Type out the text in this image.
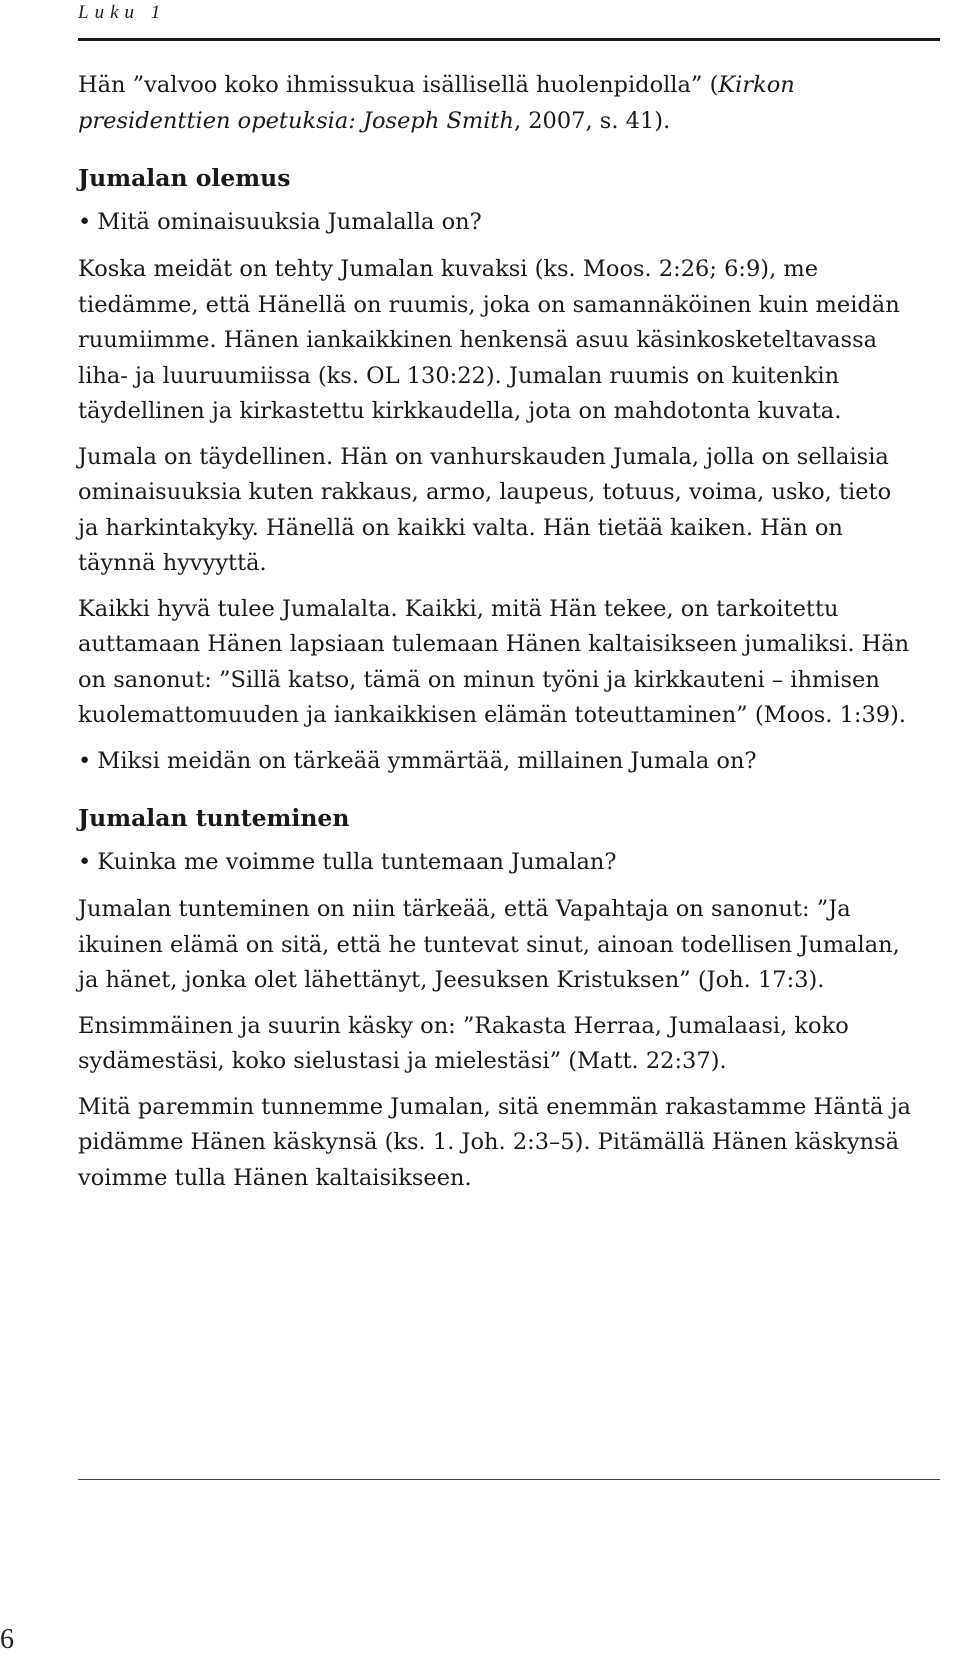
Luku 1

Hän ”valvoo koko ihmissukua isällisellä huolenpidolla” (Kirkon presidenttien opetuksia: Joseph Smith, 2007, s. 41).

Jumalan olemus

• Mitä ominaisuuksia Jumalalla on?

Koska meidät on tehty Jumalan kuvaksi (ks. Moos. 2:26; 6:9), me tiedämme, että Hänellä on ruumis, joka on samannäköinen kuin meidän ruumiimme. Hänen iankaikkinen henkensä asuu käsinkosketeltavassa liha- ja luuruumiissa (ks. OL 130:22). Jumalan ruumis on kuitenkin täydellinen ja kirkastettu kirkkaudella, jota on mahdotonta kuvata.

Jumala on täydellinen. Hän on vanhurskauden Jumala, jolla on sellaisia ominaisuuksia kuten rakkaus, armo, laupeus, totuus, voima, usko, tieto ja harkintakyky. Hänellä on kaikki valta. Hän tietää kaiken. Hän on täynnä hyvyyttä.

Kaikki hyvä tulee Jumalalta. Kaikki, mitä Hän tekee, on tarkoitettu auttamaan Hänen lapsiaan tulemaan Hänen kaltaisikseen jumaliksi. Hän on sanonut: ”Sillä katso, tämä on minun työni ja kirkkauteni – ihmisen kuolemattomuuden ja iankaikkisen elämän toteuttaminen” (Moos. 1:39).

• Miksi meidän on tärkeää ymmärtää, millainen Jumala on?

Jumalan tunteminen

• Kuinka me voimme tulla tuntemaan Jumalan?

Jumalan tunteminen on niin tärkeää, että Vapahtaja on sanonut: ”Ja ikuinen elämä on sitä, että he tuntevat sinut, ainoan todellisen Jumalan, ja hänet, jonka olet lähettänyt, Jeesuksen Kristuksen” (Joh. 17:3).

Ensimmäinen ja suurin käsky on: ”Rakasta Herraa, Jumalaasi, koko sydämestäsi, koko sielustasi ja mielestäsi” (Matt. 22:37).

Mitä paremmin tunnemme Jumalan, sitä enemmän rakastamme Häntä ja pidämme Hänen käskynsä (ks. 1. Joh. 2:3–5). Pitämällä Hänen käskynsä voimme tulla Hänen kaltaisikseen.

6
